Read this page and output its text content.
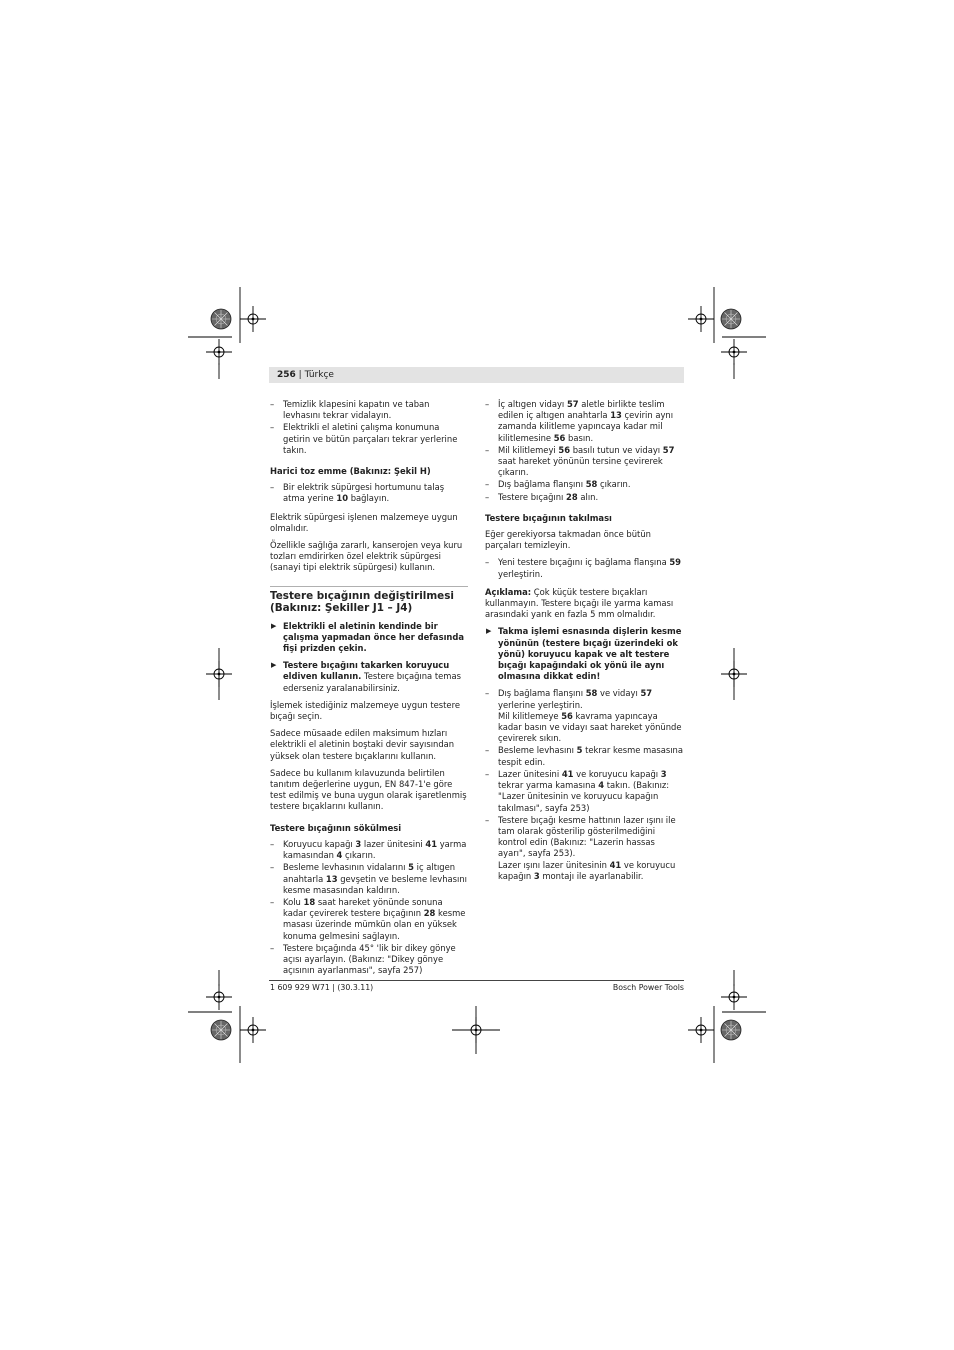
256 | Türkçe
– Temizlik klapesini kapatın ve taban levhasını tekrar vidalayın.
– Elektrikli el aletini çalışma konumuna getirin ve bütün parçaları tekrar yerlerine takın.
Harici toz emme (Bakınız: Şekil H)
– Bir elektrik süpürgesi hortumunu talaş atma yerine 10 bağlayın.

Elektrik süpürgesi işlenen malzemeye uygun olmalıdır.

Özellikle sağlığa zararlı, kanserojen veya kuru tozları emdirirken özel elektrik süpürgesi (sanayi tipi elektrik süpürgesi) kullanın.

Testere bıçağının değiştirilmesi (Bakınız: Şekiller J1 – J4)
▶ Elektrikli el aletinin kendinde bir çalışma yapmadan önce her defasında fişi prizden çekin.
▶ Testere bıçağını takarken koruyucu eldiven kullanın. Testere bıçağına temas ederseniz yaralanabilirsiniz.

İşlemek istediğiniz malzemeye uygun testere bıçağı seçin.

Sadece müsaade edilen maksimum hızları elektrikli el aletinin boştaki devir sayısından yüksek olan testere bıçaklarını kullanın.

Sadece bu kullanım kılavuzunda belirtilen tanıtım değerlerine uygun, EN 847-1'e göre test edilmiş ve buna uygun olarak işaretlenmiş testere bıçaklarını kullanın.

Testere bıçağının sökülmesi
– Koruyucu kapağı 3 lazer ünitesini 41 yarma kamasından 4 çıkarın.
– Besleme levhasının vidalarını 5 iç altıgen anahtarla 13 gevşetin ve besleme levhasını kesme masasından kaldırın.
– Kolu 18 saat hareket yönünde sonuna kadar çevirerek testere bıçağının 28 kesme masası üzerinde mümkün olan en yüksek konuma gelmesini sağlayın.
– Testere bıçağında 45° 'lik bir dikey gönye açısı ayarlayın. (Bakınız: "Dikey gönye açısının ayarlanması", sayfa 257)
– İç altıgen vidayı 57 aletle birlikte teslim edilen iç altıgen anahtarla 13 çevirin aynı zamanda kilitleme yapıncaya kadar mil kilitlemesine 56 basın.
– Mil kilitlemeyi 56 basılı tutun ve vidayı 57 saat hareket yönünün tersine çevirerek çıkarın.
– Dış bağlama flanşını 58 çıkarın.
– Testere bıçağını 28 alın.
Testere bıçağının takılması

Eğer gerekiyorsa takmadan önce bütün parçaları temizleyin.

– Yeni testere bıçağını iç bağlama flanşına 59 yerleştirin.

Açıklama: Çok küçük testere bıçakları kullanmayın. Testere bıçağı ile yarma kaması arasındaki yarık en fazla 5 mm olmalıdır.

▶ Takma işlemi esnasında dişlerin kesme yönünün (testere bıçağı üzerindeki ok yönü) koruyucu kapak ve alt testere bıçağı kapağındaki ok yönü ile aynı olmasına dikkat edin!
– Dış bağlama flanşını 58 ve vidayı 57 yerlerine yerleştirin.
Mil kilitlemeye 56 kavrama yapıncaya kadar basın ve vidayı saat hareket yönünde çevirerek sıkın.
– Besleme levhasını 5 tekrar kesme masasına tespit edin.
– Lazer ünitesini 41 ve koruyucu kapağı 3 tekrar yarma kamasına 4 takın. (Bakınız: "Lazer ünitesinin ve koruyucu kapağın takılması", sayfa 253)
– Testere bıçağı kesme hattının lazer ışını ile tam olarak gösterilip gösterilmediğini kontrol edin (Bakınız: "Lazerin hassas ayarı", sayfa 253).
Lazer ışını lazer ünitesinin 41 ve koruyucu kapağın 3 montajı ile ayarlanabilir.
1 609 929 W71 | (30.3.11)	Bosch Power Tools
